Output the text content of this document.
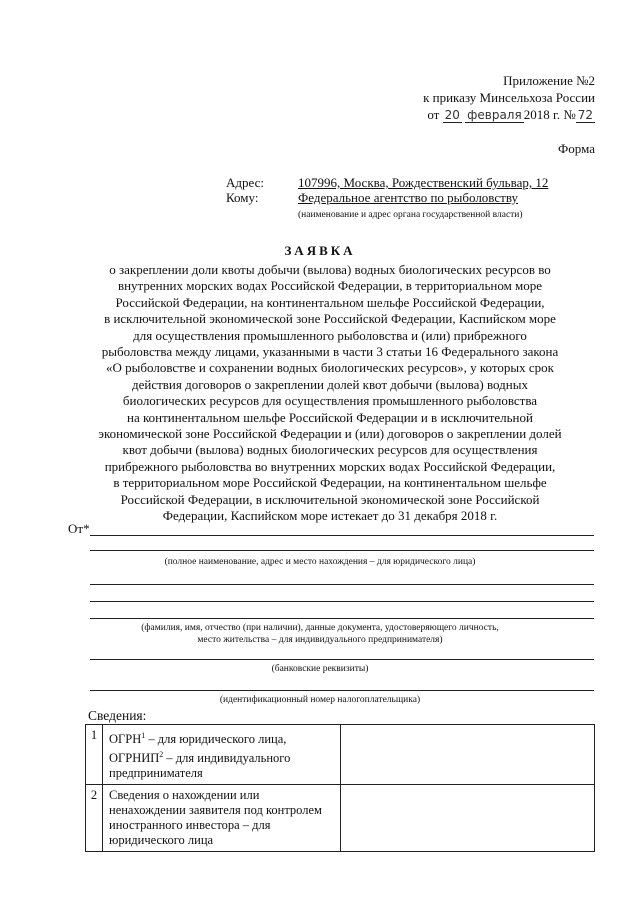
Приложение №2
к приказу Минсельхоза России
от 20 февраля 2018 г. № 72
Форма
Адрес:	107996, Москва, Рождественский бульвар, 12
Кому:	Федеральное агентство по рыболовству
(наименование и адрес органа государственной власти)
ЗАЯВКА
о закреплении доли квоты добычи (вылова) водных биологических ресурсов во
внутренних морских водах Российской Федерации, в территориальном море
Российской Федерации, на континентальном шельфе Российской Федерации,
в исключительной экономической зоне Российской Федерации, Каспийском море
для осуществления промышленного рыболовства и (или) прибрежного
рыболовства между лицами, указанными в части 3 статьи 16 Федерального закона
«О рыболовстве и сохранении водных биологических ресурсов», у которых срок
действия договоров о закреплении долей квот добычи (вылова) водных
биологических ресурсов для осуществления промышленного рыболовства
на континентальном шельфе Российской Федерации и в исключительной
экономической зоне Российской Федерации и (или) договоров о закреплении долей
квот добычи (вылова) водных биологических ресурсов для осуществления
прибрежного рыболовства во внутренних морских водах Российской Федерации,
в территориальном море Российской Федерации, на континентальном шельфе
Российской Федерации, в исключительной экономической зоне Российской
Федерации, Каспийском море истекает до 31 декабря 2018 г.
От*
(полное наименование, адрес и место нахождения – для юридического лица)
(фамилия, имя, отчество (при наличии), данные документа, удостоверяющего личность,
место жительства – для индивидуального предпринимателя)
(банковские реквизиты)
(идентификационный номер налогоплательщика)
Сведения:
1	ОГРН$^1$ – для юридического лица,
ОГРНИП$^2$ – для индивидуального
предпринимателя	
2	Сведения о нахождении или
ненахождении заявителя под контролем
иностранного инвестора – для
юридического лица	
